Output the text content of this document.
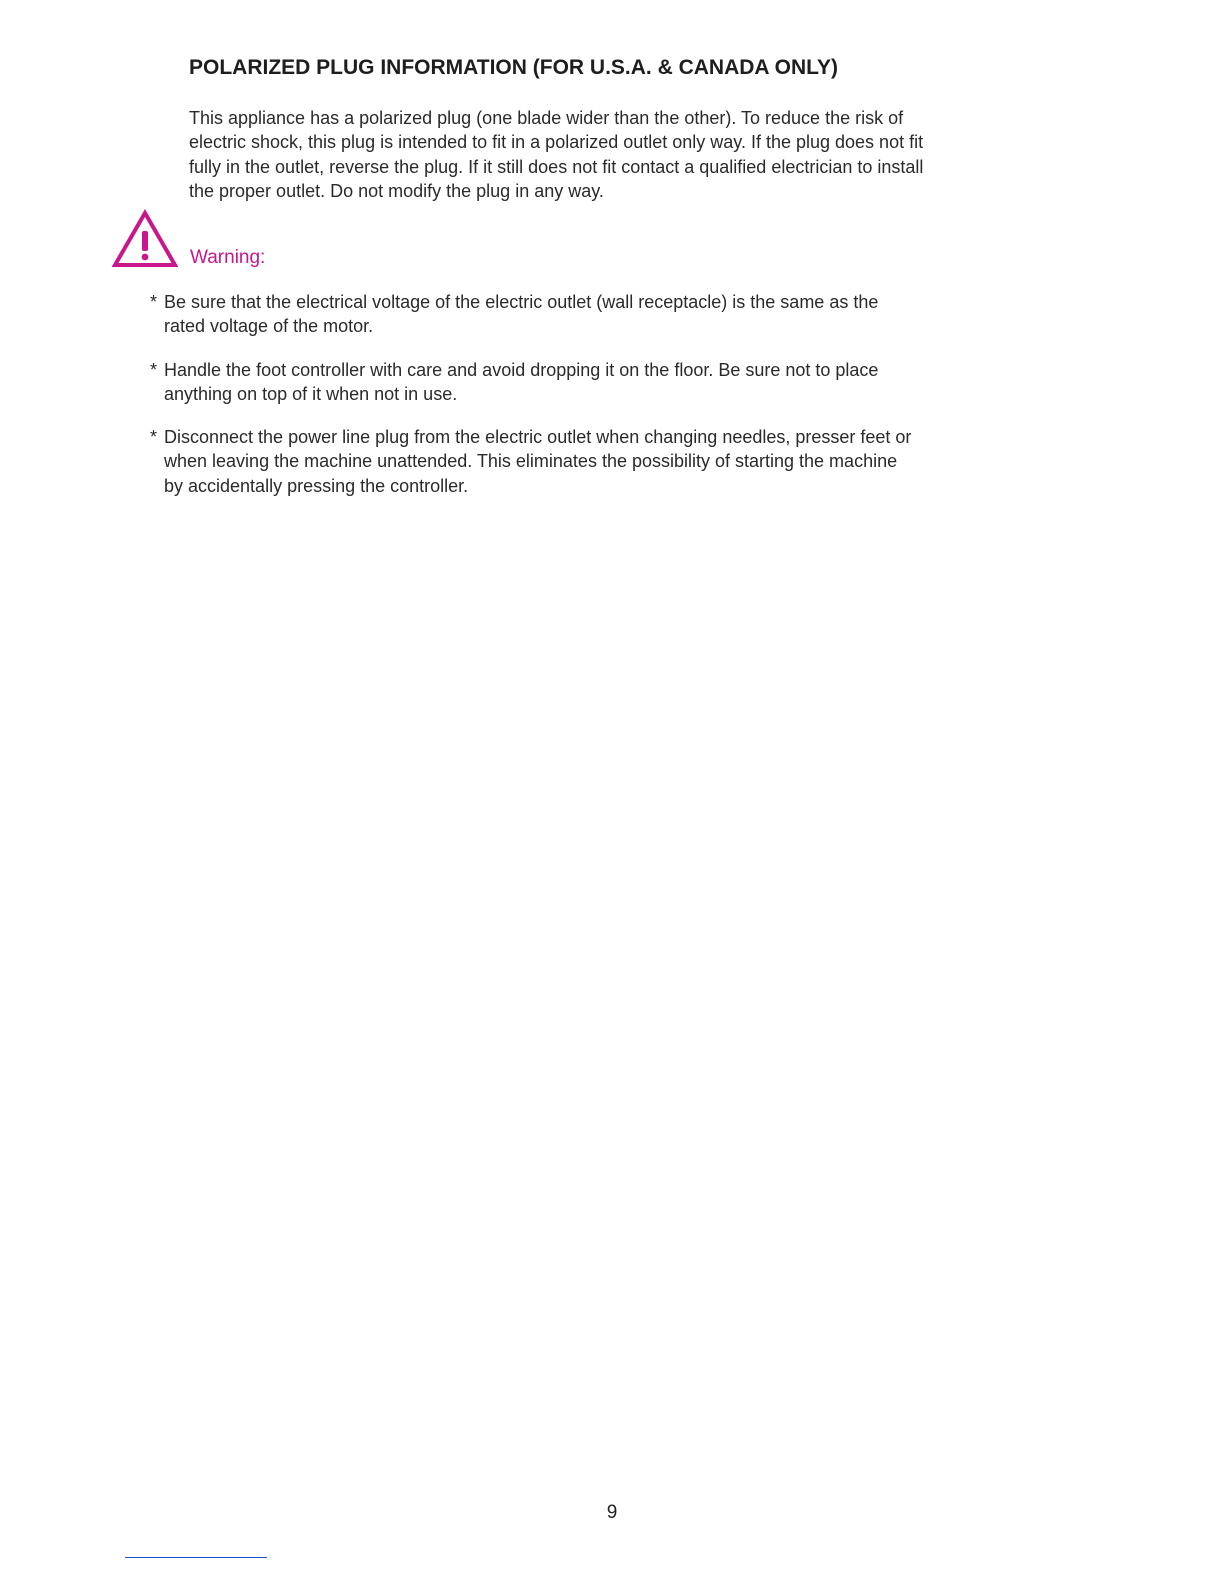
POLARIZED PLUG INFORMATION (FOR U.S.A. & CANADA ONLY)
This appliance has a polarized plug (one blade wider than the other). To reduce the risk of
electric shock, this plug is intended to fit in a polarized outlet only way. If the plug does not fit
fully in the outlet, reverse the plug. If it still does not fit contact a qualified electrician to install
the proper outlet. Do not modify the plug in any way.
Warning:
* Be sure that the electrical voltage of the electric outlet (wall receptacle) is the same as the
rated voltage of the motor.
* Handle the foot controller with care and avoid dropping it on the floor. Be sure not to place
anything on top of it when not in use.
* Disconnect the power line plug from the electric outlet when changing needles, presser feet or
when leaving the machine unattended. This eliminates the possibility of starting the machine
by accidentally pressing the controller.
9
